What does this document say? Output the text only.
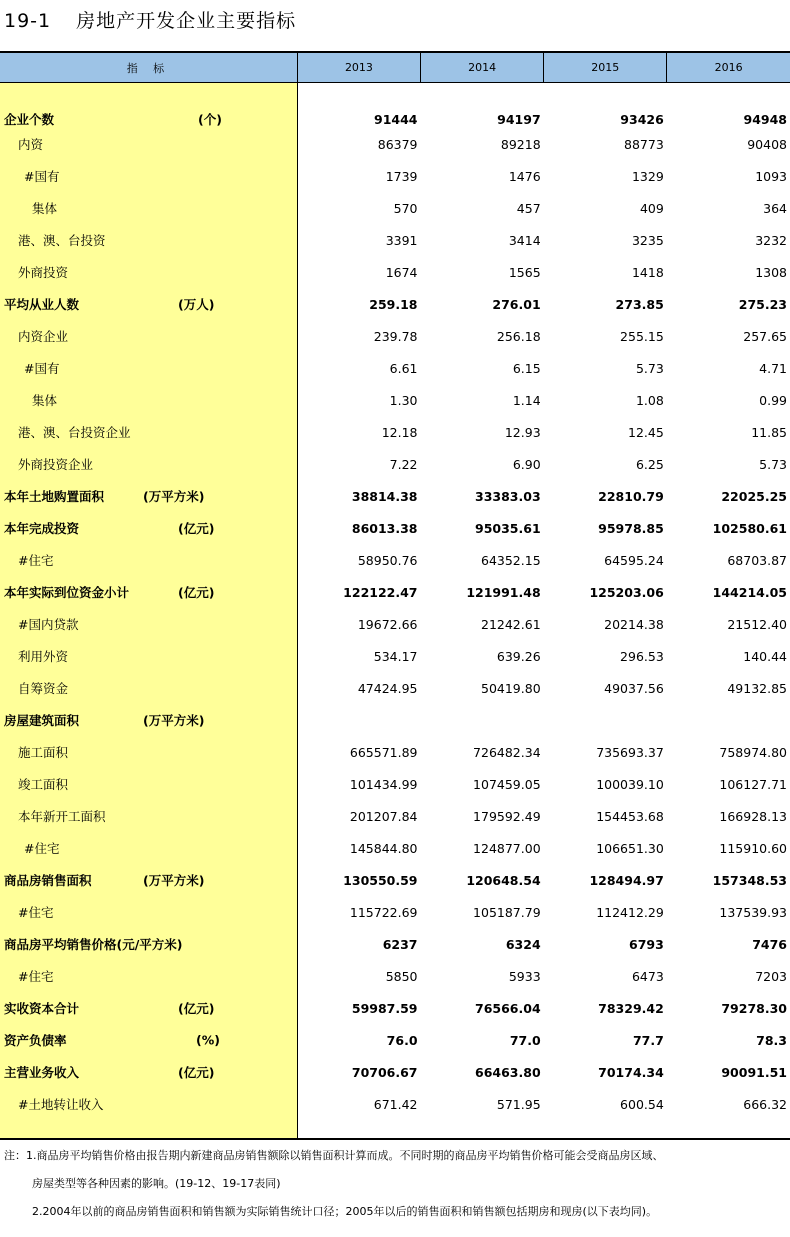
19-1 房地产开发企业主要指标
指 标	2013	2014	2015	2016

企业个数 (个)	91444	94197	93426	94948
内资	86379	89218	88773	90408
#国有	1739	1476	1329	1093
集体	570	457	409	364
港、澳、台投资	3391	3414	3235	3232
外商投资	1674	1565	1418	1308
平均从业人数 (万人)	259.18	276.01	273.85	275.23
内资企业	239.78	256.18	255.15	257.65
#国有	6.61	6.15	5.73	4.71
集体	1.30	1.14	1.08	0.99
港、澳、台投资企业	12.18	12.93	12.45	11.85
外商投资企业	7.22	6.90	6.25	5.73
本年土地购置面积 (万平方米)	38814.38	33383.03	22810.79	22025.25
本年完成投资 (亿元)	86013.38	95035.61	95978.85	102580.61
#住宅	58950.76	64352.15	64595.24	68703.87
本年实际到位资金小计 (亿元)	122122.47	121991.48	125203.06	144214.05
#国内贷款	19672.66	21242.61	20214.38	21512.40
利用外资	534.17	639.26	296.53	140.44
自筹资金	47424.95	50419.80	49037.56	49132.85
房屋建筑面积 (万平方米)				

施工面积	665571.89	726482.34	735693.37	758974.80
竣工面积	101434.99	107459.05	100039.10	106127.71
本年新开工面积	201207.84	179592.49	154453.68	166928.13
#住宅	145844.80	124877.00	106651.30	115910.60
商品房销售面积 (万平方米)	130550.59	120648.54	128494.97	157348.53
#住宅	115722.69	105187.79	112412.29	137539.93
商品房平均销售价格(元/平方米)	6237	6324	6793	7476
#住宅	5850	5933	6473	7203
实收资本合计 (亿元)	59987.59	76566.04	78329.42	79278.30
资产负债率 (%)	76.0	77.0	77.7	78.3
主营业务收入 (亿元)	70706.67	66463.80	70174.34	90091.51
#土地转让收入	671.42	571.95	600.54	666.32

注：1.商品房平均销售价格由报告期内新建商品房销售额除以销售面积计算而成。不同时期的商品房平均销售价格可能会受商品房区域、
房屋类型等各种因素的影响。(19-12、19-17表同)
2.2004年以前的商品房销售面积和销售额为实际销售统计口径；2005年以后的销售面积和销售额包括期房和现房(以下表均同)。
